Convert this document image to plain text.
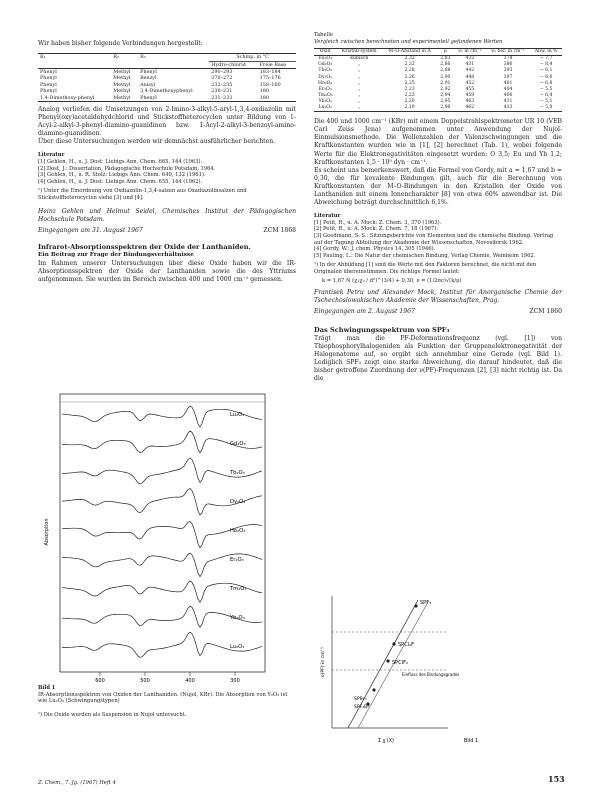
Wir haben bisher folgende Verbindungen hergestellt:

R₁	R₂	R₃	Schmp. in °C	
			Hydro-chlorid	Freie Base
Phenyl	Methyl	Phenyl	290–293	183–184
Phenyl	Methyl	Benzyl	270–272	175–176
Phenyl	Methyl	Anisyl	232–235	158–160
Phenyl	Methyl	3,4-Dimethoxyphenyl	230–231	180
1,4-Dimethoxy-phenyl	Methyl	Phenyl	231–233	180

Analog verliefen die Umsetzungen von 2-Imino-3-alkyl-5-aryl-1,3,4-oxdiazolin mit Phenyl(oxy)acetaldehydchlorid und Stickstoffheterocyclen unter Bildung von 1-Acyl-2-alkyl-3-phenyl-diamino-guanidinen bzw. 1-Acyl-2-alkyl-3-benzoyl-amino-diamino-guanidinen.

Über diese Untersuchungen werden wir demnächst ausführlicher berichten.

Literatur

[1] Gehlen, H., u. J. Dost: Liebigs Ann. Chem. 665, 144 (1963).
[2] Dost, J.: Dissertation, Pädagogische Hochschule Potsdam, 1964.
[3] Gehlen, H., u. R. Stolz: Liebigs Ann. Chem. 640, 132 (1961).
[4] Gehlen, H., u. J. Dost: Liebigs Ann. Chem. 655, 144 (1962).

¹) Unter die Einordnung von Oxdiazolin-1,3,4-salzen aus Oxadiazolinsalzen und Stickstoffheterocyclen siehe [3] und [4].

Heinz Gehlen und Helmut Seidel, Chemisches Institut der Pädagogischen Hochschule Potsdam.

Eingegangen am 31. August 1967	ZCM 1868

Infrarot-Absorptionsspektren der Oxide der Lanthaniden.

Ein Beitrag zur Frage der Bindungsverhältnisse

Im Rahmen unserer Untersuchungen über diese Oxide haben wir die IR-Absorptionsspektren der Oxide der Lanthaniden sowie die des Yttriums aufgenommen. Sie wurden im Bereich zwischen 400 und 1000 cm⁻¹ gemessen.

Absorption
600	500	400	300
Lu₂O₃
Gd₂O₃
Tb₂O₃
Dy₂O₃
Ho₂O₃
Er₂O₃
Tm₂O₃
Yb₂O₃
Lu₂O₃
Bild 1
IR-Absorptionsspektren von Oxiden der Lanthaniden. (Nujol, KBr). Die Absorption von Y₂O₃ ist wie Lu₂O₃ (Schwingungstypen)

¹) Die Oxide wurden als Suspension in Nujol untersucht.

Z. Chem., 7. Jg. (1967) Heft 4

Tabelle

Vergleich zwischen berechneten und experimentell gefundenen Werten

Oxid	Kristall-system	M–O-Abstand in Å	μ	ν₁ in cm⁻¹	ν₁ ber. in cm⁻¹	Abw. in %
Eu₂O₃	kubisch	2,32	2,83	432	378	− 7,7
Gd₂O₃	„	2,32	2,86	431	386	− 8,4
Tb₂O₃	„	2,28	2,88	442	393	− 6,1
Dy₂O₃	„	2,26	2,90	448	397	− 6,6
Ho₂O₃	„	2,25	2,91	452	401	− 6,8
Er₂O₃	„	2,23	2,92	455	404	− 5,5
Tm₂O₃	„	2,22	2,94	459	406	− 6,4
Yb₂O₃	„	2,20	2,95	463	411	− 5,1
Lu₂O₃	„	2,19	2,96	462	413	− 5,9

Die 400 und 1000 cm⁻¹ (KBr) mit einem Doppelstrahlspektrometer UR 10 (VEB Carl Zeiss Jena) aufgenommen unter Anwendung der Nujol-Einmulsionsmethode. Die Wellenzahlen der Valenzschwingungen und die Kraftkonstanten wurden wie in [1], [2] berechnet (Tab. 1), wobei folgende Werte für die Elektronegativitäten eingesetzt wurden: O 3,5; Eu und Yb 1,2; Kraftkonstanten 1,5 · 10⁵ dyn · cm⁻¹.

Es scheint uns bemerkenswert, daß die Formel von Gordy, mit a = 1,67 und b = 0,30, die für kovalente Bindungen gilt, auch für die Berechnung von Kraftkonstanten der M–O-Bindungen in den Kristallen der Oxide von Lanthaniden mit einem Ionencharakter [8] von etwa 60% anwendbar ist. Die Abweichung beträgt durchschnittlich 6,1%.

Literatur

[1] Petit, R., u. A. Mock: Z. Chem. 3, 370 (1963).
[2] Petit, R., u. A. Mock: Z. Chem. 7, 18 (1967).
[3] Goodmann, S. S.: Sitzungsberichte von Elementen und die chemische Bindung. Vortrag auf der Tagung Abteilung der Akademie der Wissenschaften, Novosibirsk 1962.
[4] Gordy, W.: J. chem. Physics 14, 305 (1946).
[5] Pauling, L.: Die Natur der chemischen Bindung, Verlag Chemie, Weinheim 1962.

¹) In der Abbildung [1] sind die Werte mit den Faktoren berechnet, die nicht mit den Originalen übereinstimmen. Die richtige Formel lautet:

k = 1,67 N (χ₁χ₂ / d²)^(3/4) + 0,30, ν = (1/2πc)√(k/μ)

Frantisek Petru und Alexander Mock, Institut für Anorganische Chemie der Tschechoslowakischen Akademie der Wissenschaften, Prag.

Eingegangen am 2. August 1967	ZCM 1860

Das Schwingungsspektrum von SPF₃

Trägt man die PF-Deformationsfrequenz (vgl. [1]) von Thiophosphorylhalogeniden als Funktion der Gruppenelektronegativität der Halogenatome auf, so ergibt sich annehmbar eine Gerade (vgl. Bild 1). Lediglich SPF₃ zeigt eine starke Abweichung, die darauf hindeutet, daß die bisher getroffene Zuordnung der ν(PF)-Frequenzen [2], [3] nicht richtig ist. Da die

SPF₃
SPCl₂F
SPClF₂
SPBr₃
SPF₂Br
Einfluss des Bindungsgrades
ν(PF) in cm⁻¹
Σ χ (X)	Bild 1

153
